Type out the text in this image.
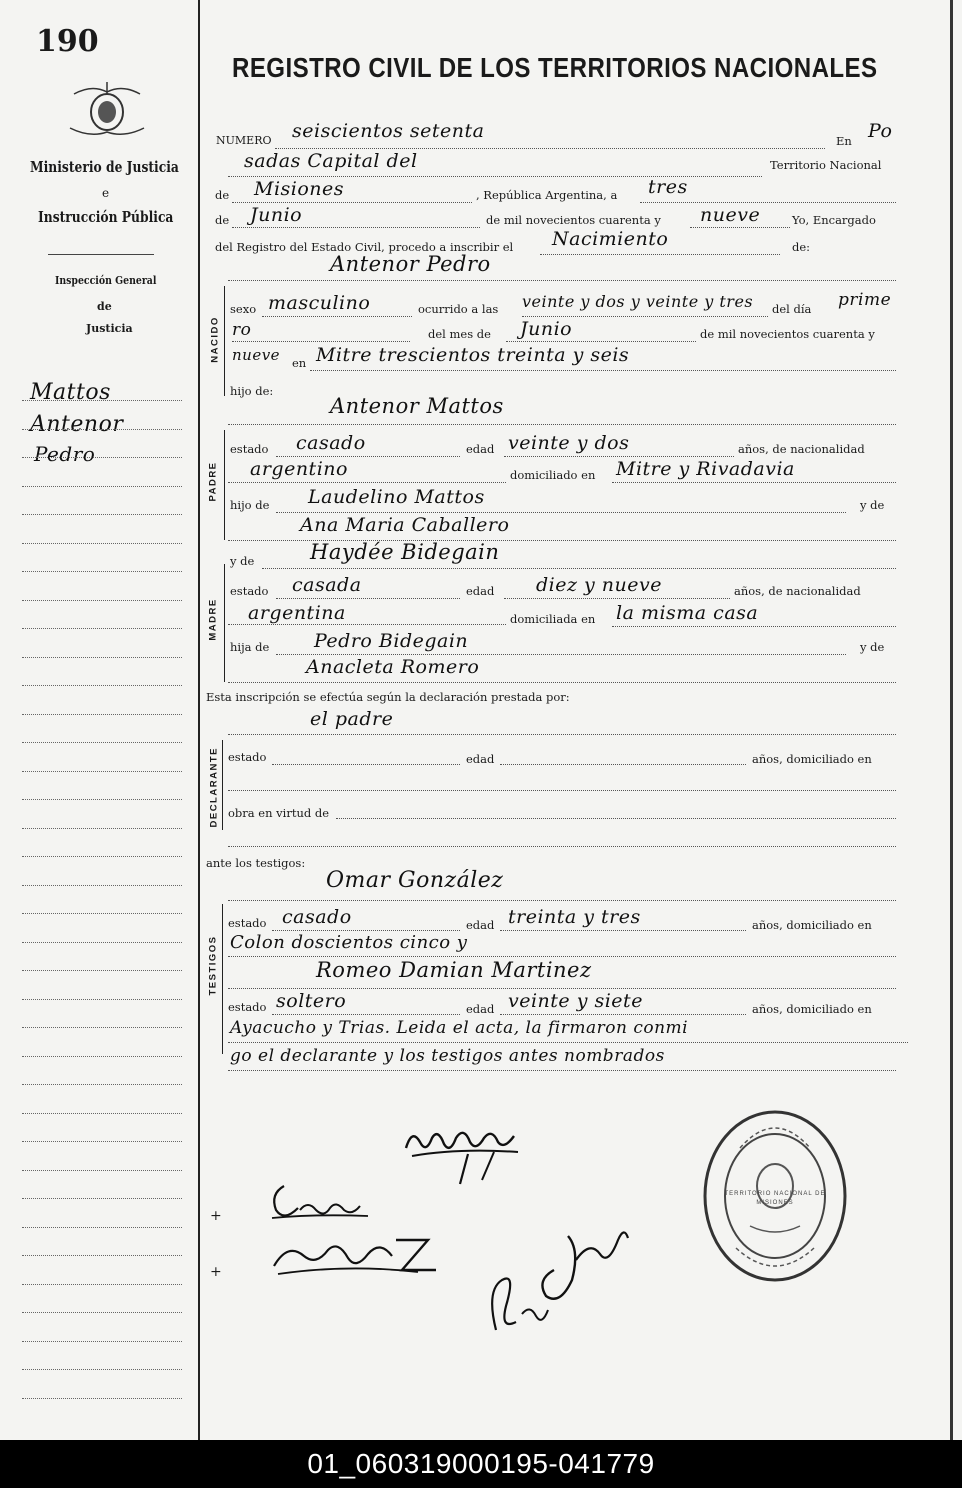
190
Ministerio de Justicia
e
Instrucción Pública
Inspección General
de
Justicia
Mattos
Antenor
Pedro
REGISTRO CIVIL DE LOS TERRITORIOS NACIONALES
NUMERO seiscientos setenta	En Po
sadas Capital del	Territorio Nacional
de Misiones	, República Argentina, a tres
de Junio	de mil novecientos cuarenta y nueve	Yo, Encargado
del Registro del Estado Civil, procedo a inscribir el Nacimiento	de:
Antenor Pedro
NACIDO
sexo masculino	ocurrido a las veinte y dos y veinte y tres del día prime
ro	del mes de Junio	de mil novecientos cuarenta y
nueve en Mitre trescientos treinta y seis
hijo de:
Antenor Mattos
PADRE
estado casado	edad veinte y dos	años, de nacionalidad
argentino	domiciliado en Mitre y Rivadavia
hijo de Laudelino Mattos	y de
Ana Maria Caballero
MADRE
y de	Haydée Bidegain
estado casada	edad diez y nueve	años, de nacionalidad
argentina	domiciliada en la misma casa
hija de Pedro Bidegain	y de
Anacleta Romero
Esta inscripción se efectúa según la declaración prestada por:
el padre
DECLARANTE estado	edad	años, domiciliado en
obra en virtud de
ante los testigos:
Omar González
TESTIGOS
estado casado	edad treinta y tres	años, domiciliado en
Colon doscientos cinco y
Romeo Damian Martinez
estado soltero	edad veinte y siete	años, domiciliado en
Ayacucho y Trias. Leida el acta, la firmaron conmi
go el declarante y los testigos antes nombrados
TERRITORIO NACIONAL DE MISIONES
+
+
01_060319000195-041779
